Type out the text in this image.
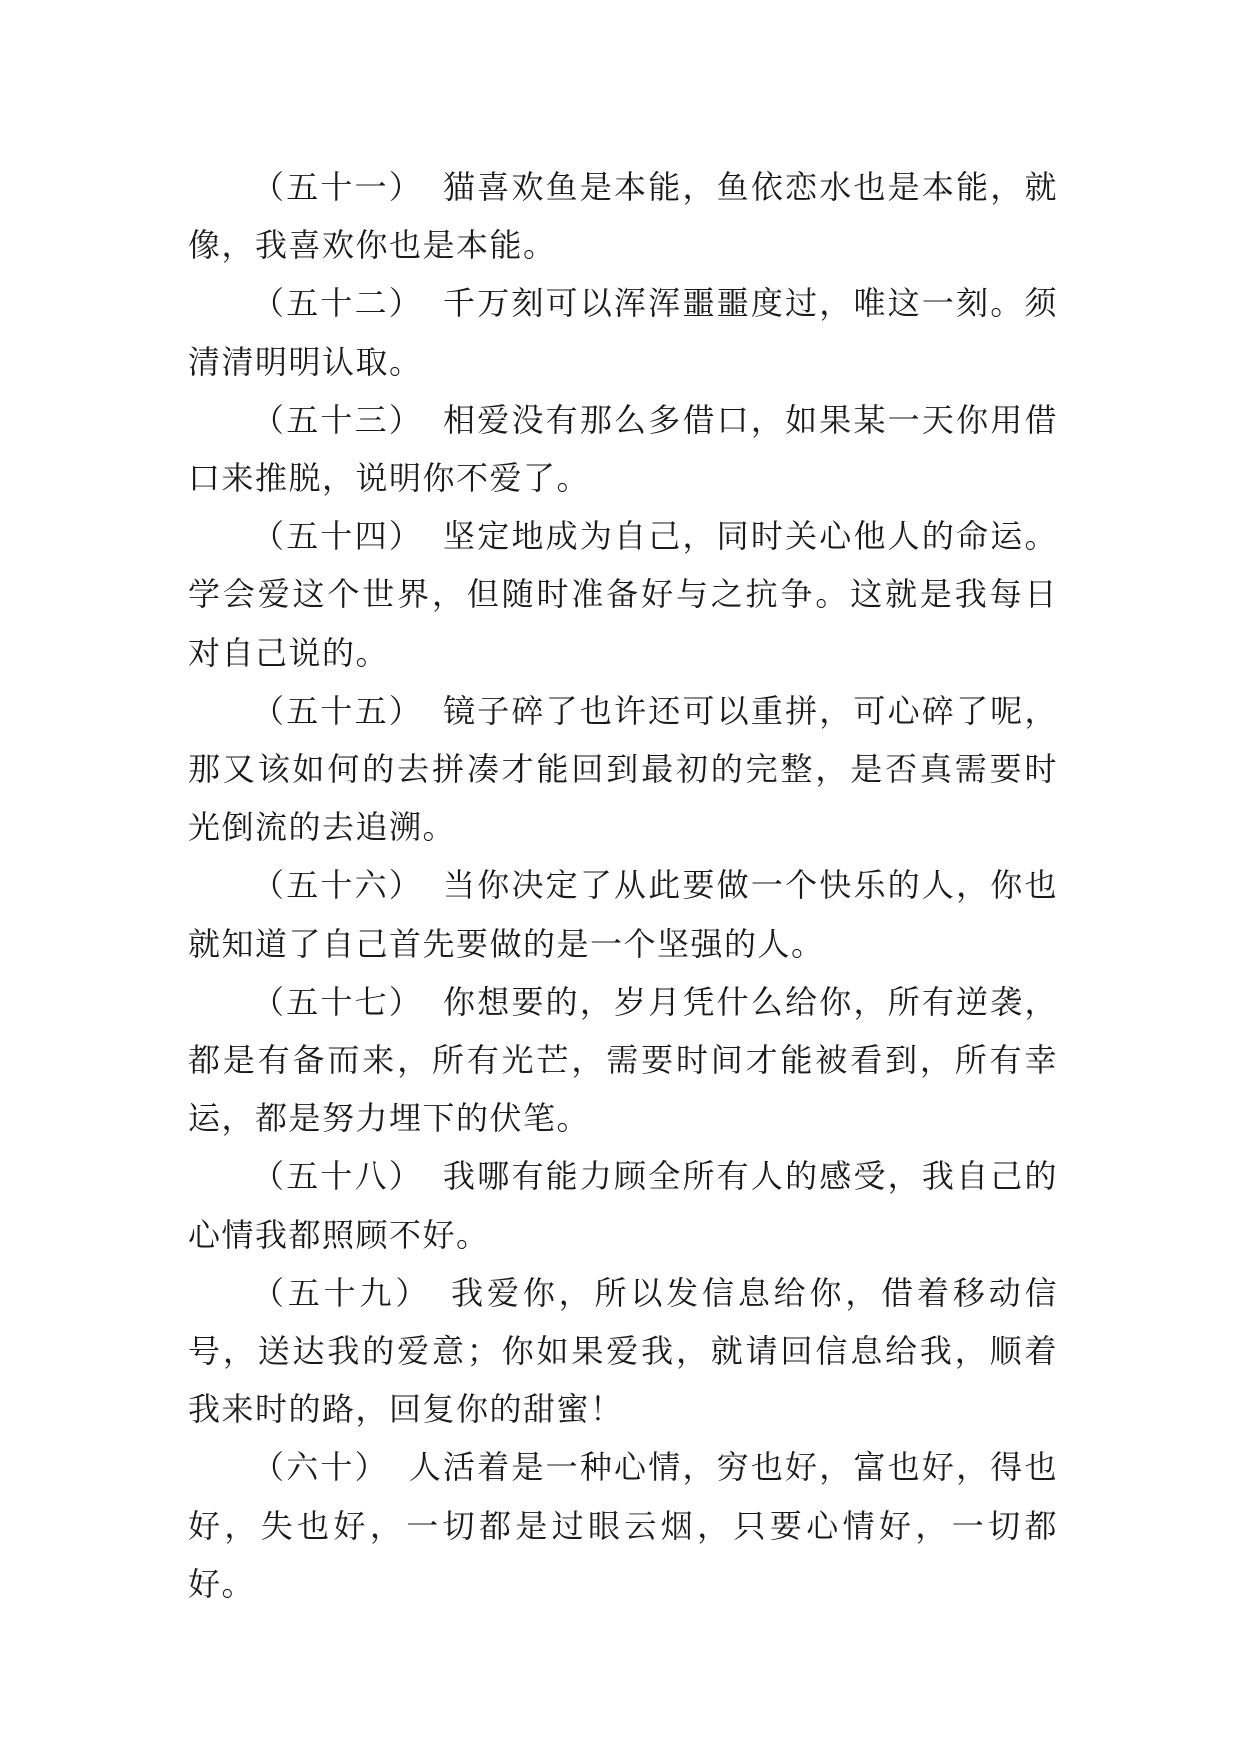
（五十一） 猫喜欢鱼是本能，鱼依恋水也是本能，就像，我喜欢你也是本能。

（五十二） 千万刻可以浑浑噩噩度过，唯这一刻。须清清明明认取。

（五十三） 相爱没有那么多借口，如果某一天你用借口来推脱，说明你不爱了。

（五十四） 坚定地成为自己，同时关心他人的命运。学会爱这个世界，但随时准备好与之抗争。这就是我每日对自己说的。

（五十五） 镜子碎了也许还可以重拼，可心碎了呢，那又该如何的去拼凑才能回到最初的完整，是否真需要时光倒流的去追溯。

（五十六） 当你决定了从此要做一个快乐的人，你也就知道了自己首先要做的是一个坚强的人。

（五十七） 你想要的，岁月凭什么给你，所有逆袭，都是有备而来，所有光芒，需要时间才能被看到，所有幸运，都是努力埋下的伏笔。

（五十八） 我哪有能力顾全所有人的感受，我自己的心情我都照顾不好。

（五十九） 我爱你，所以发信息给你，借着移动信号，送达我的爱意；你如果爱我，就请回信息给我，顺着我来时的路，回复你的甜蜜！

（六十） 人活着是一种心情，穷也好，富也好，得也好，失也好，一切都是过眼云烟，只要心情好，一切都好。
